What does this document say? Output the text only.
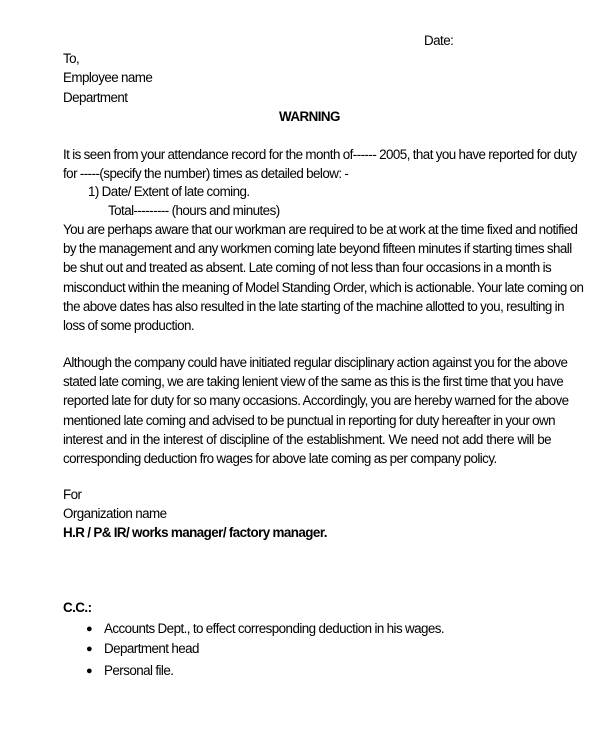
Date:
To,
Employee name
Department
WARNING
It is seen from your attendance record for the month of------ 2005, that you have reported for duty
for -----(specify the number) times as detailed below: -
1) Date/ Extent of late coming.
Total--------- (hours and minutes)
You are perhaps aware that our workman are required to be at work at the time fixed and notified
by the management and any workmen coming late beyond fifteen minutes if starting times shall
be shut out and treated as absent. Late coming of not less than four occasions in a month is
misconduct within the meaning of Model Standing Order, which is actionable. Your late coming on
the above dates has also resulted in the late starting of the machine allotted to you, resulting in
loss of some production.
Although the company could have initiated regular disciplinary action against you for the above
stated late coming, we are taking lenient view of the same as this is the first time that you have
reported late for duty for so many occasions. Accordingly, you are hereby warned for the above
mentioned late coming and advised to be punctual in reporting for duty hereafter in your own
interest and in the interest of discipline of the establishment. We need not add there will be
corresponding deduction fro wages for above late coming as per company policy.
For
Organization name
H.R / P& IR/ works manager/ factory manager.
C.C.:
● Accounts Dept., to effect corresponding deduction in his wages.
● Department head
● Personal file.
